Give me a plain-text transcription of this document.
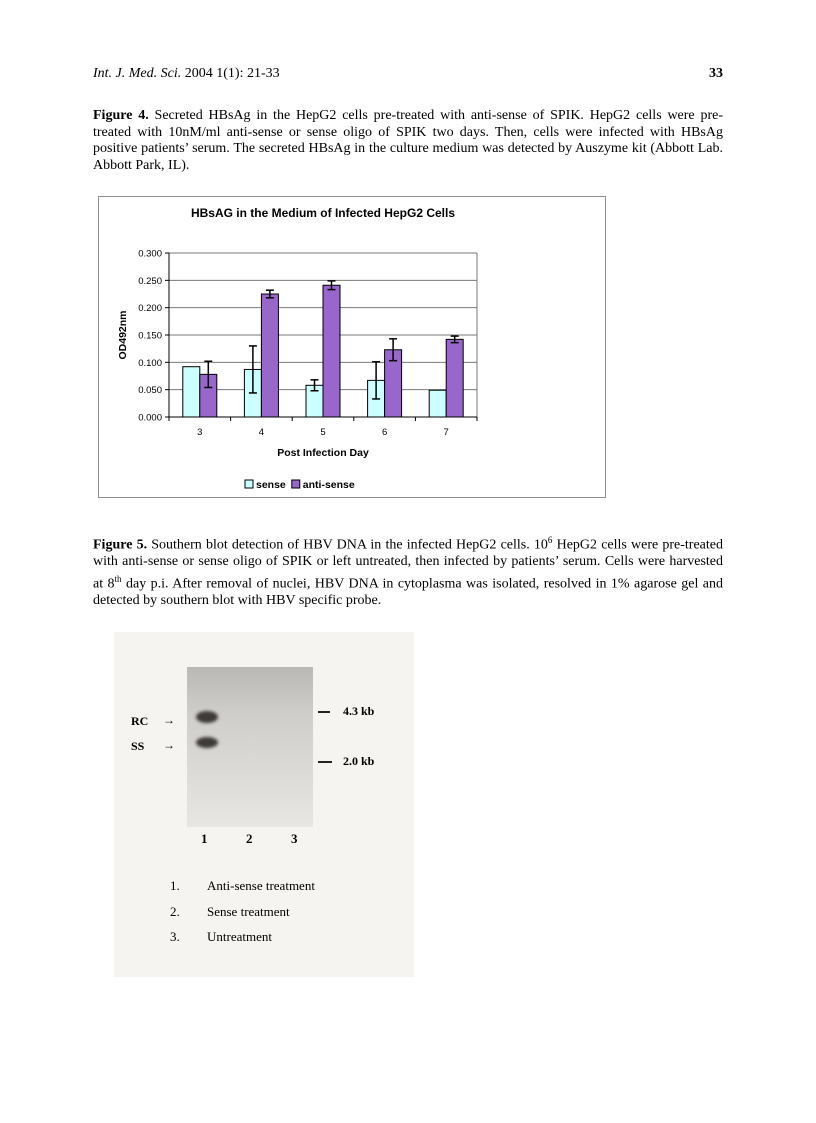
Int. J. Med. Sci. 2004 1(1): 21-33	33

Figure 4. Secreted HBsAg in the HepG2 cells pre-treated with anti-sense of SPIK. HepG2 cells were pre-treated with 10nM/ml anti-sense or sense oligo of SPIK two days. Then, cells were infected with HBsAg positive patients’ serum. The secreted HBsAg in the culture medium was detected by Auszyme kit (Abbott Lab. Abbott Park, IL).

HBsAG in the Medium of Infected HepG2 Cells
0.000
0.050
0.100
0.150
0.200
0.250
0.300
3	4	5	6	7
Post Infection Day
OD492nm
sense anti-sense

Figure 5. Southern blot detection of HBV DNA in the infected HepG2 cells. $10^6$ HepG2 cells were pre-treated with anti-sense or sense oligo of SPIK or left untreated, then infected by patients’ serum. Cells were harvested at 8th day p.i. After removal of nuclei, HBV DNA in cytoplasma was isolated, resolved in 1% agarose gel and detected by southern blot with HBV specific probe.

RC →
SS →
4.3 kb
2.0 kb
1	2	3
1. Anti-sense treatment
2. Sense treatment
3. Untreatment
